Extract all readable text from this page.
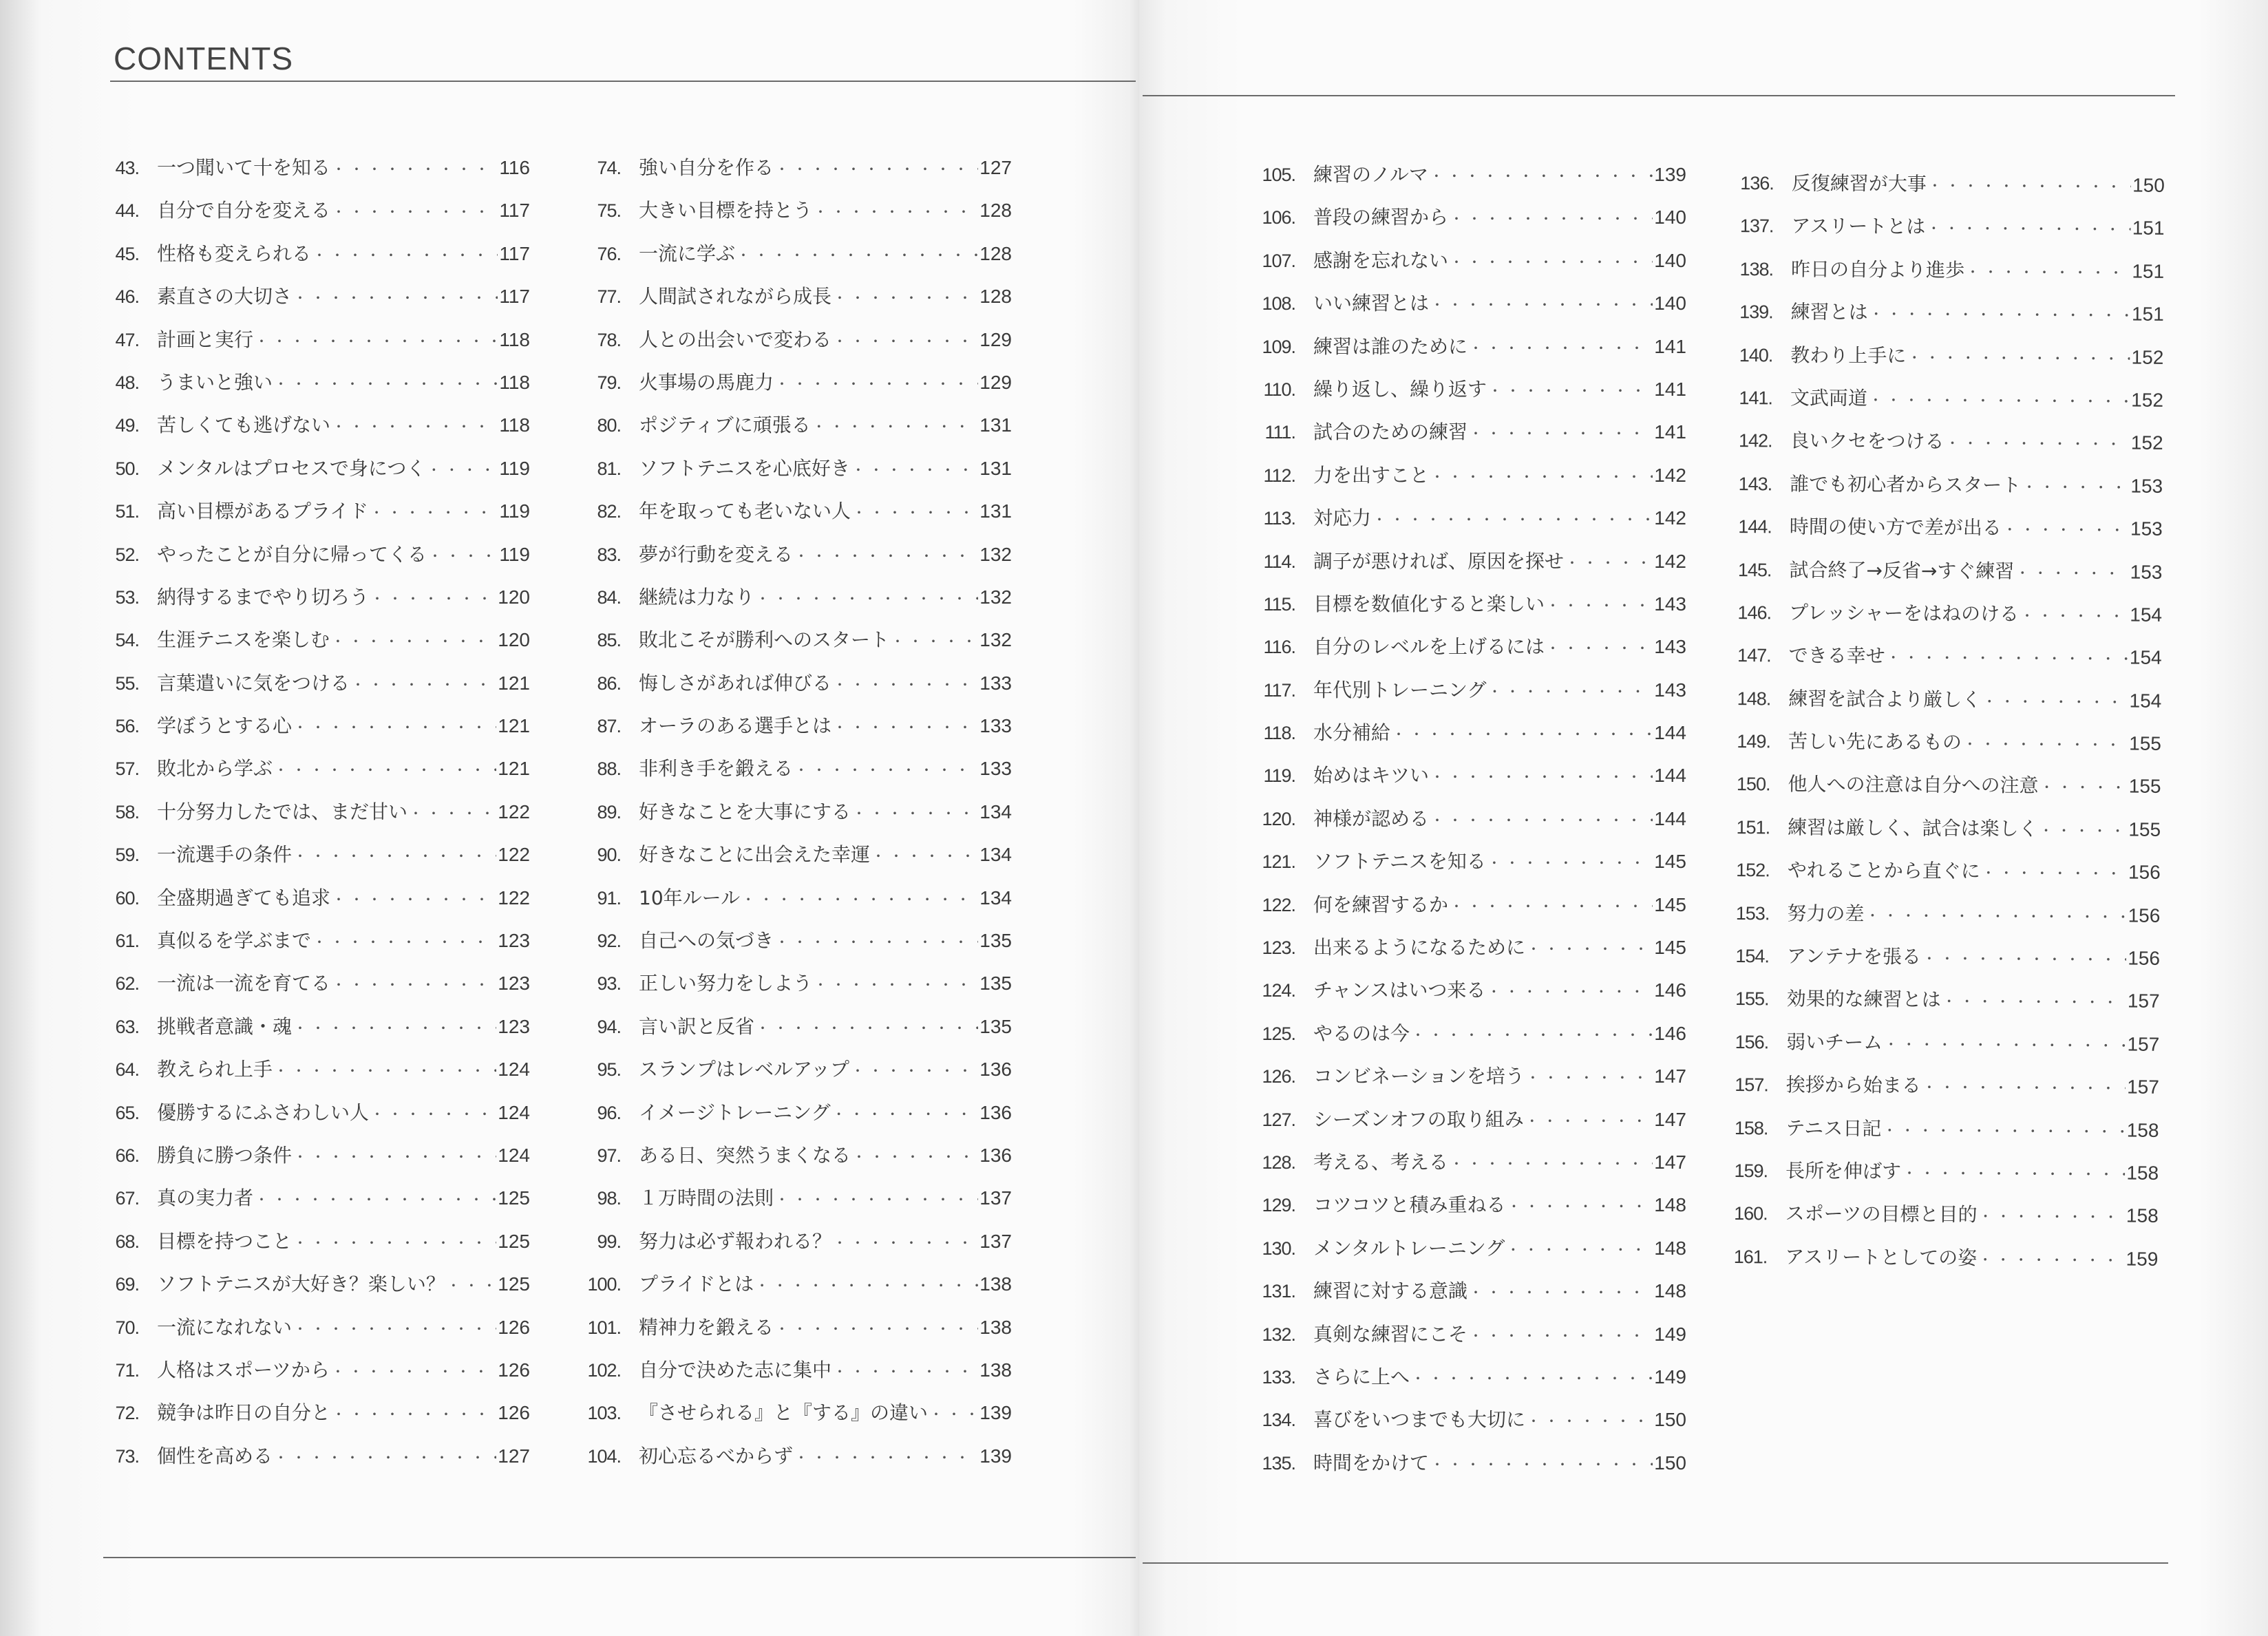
CONTENTS
43. 一つ聞いて十を知る ・・・・・・・・・・・・・・・・・・・・・・・・・・・・・・・・・・・・・・・・・・・・	116
44. 自分で自分を変える ・・・・・・・・・・・・・・・・・・・・・・・・・・・・・・・・・・・・・・・・・・・・	117
45. 性格も変えられる ・・・・・・・・・・・・・・・・・・・・・・・・・・・・・・・・・・・・・・・・・・・・	117
46. 素直さの大切さ ・・・・・・・・・・・・・・・・・・・・・・・・・・・・・・・・・・・・・・・・・・・・	117
47. 計画と実行 ・・・・・・・・・・・・・・・・・・・・・・・・・・・・・・・・・・・・・・・・・・・・	118
48. うまいと強い ・・・・・・・・・・・・・・・・・・・・・・・・・・・・・・・・・・・・・・・・・・・・	118
49. 苦しくても逃げない ・・・・・・・・・・・・・・・・・・・・・・・・・・・・・・・・・・・・・・・・・・・・	118
50. メンタルはプロセスで身につく ・・・・・・・・・・・・・・・・・・・・・・・・・・・・・・・・・・・・・・・・・・・・	119
51. 高い目標があるプライド ・・・・・・・・・・・・・・・・・・・・・・・・・・・・・・・・・・・・・・・・・・・・	119
52. やったことが自分に帰ってくる ・・・・・・・・・・・・・・・・・・・・・・・・・・・・・・・・・・・・・・・・・・・・	119
53. 納得するまでやり切ろう ・・・・・・・・・・・・・・・・・・・・・・・・・・・・・・・・・・・・・・・・・・・・	120
54. 生涯テニスを楽しむ ・・・・・・・・・・・・・・・・・・・・・・・・・・・・・・・・・・・・・・・・・・・・	120
55. 言葉遣いに気をつける ・・・・・・・・・・・・・・・・・・・・・・・・・・・・・・・・・・・・・・・・・・・・	121
56. 学ぼうとする心 ・・・・・・・・・・・・・・・・・・・・・・・・・・・・・・・・・・・・・・・・・・・・	121
57. 敗北から学ぶ ・・・・・・・・・・・・・・・・・・・・・・・・・・・・・・・・・・・・・・・・・・・・	121
58. 十分努力したでは、まだ甘い ・・・・・・・・・・・・・・・・・・・・・・・・・・・・・・・・・・・・・・・・・・・・	122
59. 一流選手の条件 ・・・・・・・・・・・・・・・・・・・・・・・・・・・・・・・・・・・・・・・・・・・・	122
60. 全盛期過ぎても追求 ・・・・・・・・・・・・・・・・・・・・・・・・・・・・・・・・・・・・・・・・・・・・	122
61. 真似るを学ぶまで ・・・・・・・・・・・・・・・・・・・・・・・・・・・・・・・・・・・・・・・・・・・・	123
62. 一流は一流を育てる ・・・・・・・・・・・・・・・・・・・・・・・・・・・・・・・・・・・・・・・・・・・・	123
63. 挑戦者意識・魂 ・・・・・・・・・・・・・・・・・・・・・・・・・・・・・・・・・・・・・・・・・・・・	123
64. 教えられ上手 ・・・・・・・・・・・・・・・・・・・・・・・・・・・・・・・・・・・・・・・・・・・・	124
65. 優勝するにふさわしい人 ・・・・・・・・・・・・・・・・・・・・・・・・・・・・・・・・・・・・・・・・・・・・	124
66. 勝負に勝つ条件 ・・・・・・・・・・・・・・・・・・・・・・・・・・・・・・・・・・・・・・・・・・・・	124
67. 真の実力者 ・・・・・・・・・・・・・・・・・・・・・・・・・・・・・・・・・・・・・・・・・・・・	125
68. 目標を持つこと ・・・・・・・・・・・・・・・・・・・・・・・・・・・・・・・・・・・・・・・・・・・・	125
69. ソフトテニスが大好き？楽しい？ ・・・・・・・・・・・・・・・・・・・・・・・・・・・・・・・・・・・・・・・・・・・・	125
70. 一流になれない ・・・・・・・・・・・・・・・・・・・・・・・・・・・・・・・・・・・・・・・・・・・・	126
71. 人格はスポーツから ・・・・・・・・・・・・・・・・・・・・・・・・・・・・・・・・・・・・・・・・・・・・	126
72. 競争は昨日の自分と ・・・・・・・・・・・・・・・・・・・・・・・・・・・・・・・・・・・・・・・・・・・・	126
73. 個性を高める ・・・・・・・・・・・・・・・・・・・・・・・・・・・・・・・・・・・・・・・・・・・・	127
74. 強い自分を作る ・・・・・・・・・・・・・・・・・・・・・・・・・・・・・・・・・・・・・・・・・・・・	127
75. 大きい目標を持とう ・・・・・・・・・・・・・・・・・・・・・・・・・・・・・・・・・・・・・・・・・・・・	128
76. 一流に学ぶ ・・・・・・・・・・・・・・・・・・・・・・・・・・・・・・・・・・・・・・・・・・・・	128
77. 人間試されながら成長 ・・・・・・・・・・・・・・・・・・・・・・・・・・・・・・・・・・・・・・・・・・・・	128
78. 人との出会いで変わる ・・・・・・・・・・・・・・・・・・・・・・・・・・・・・・・・・・・・・・・・・・・・	129
79. 火事場の馬鹿力 ・・・・・・・・・・・・・・・・・・・・・・・・・・・・・・・・・・・・・・・・・・・・	129
80. ポジティブに頑張る ・・・・・・・・・・・・・・・・・・・・・・・・・・・・・・・・・・・・・・・・・・・・	131
81. ソフトテニスを心底好き ・・・・・・・・・・・・・・・・・・・・・・・・・・・・・・・・・・・・・・・・・・・・	131
82. 年を取っても老いない人 ・・・・・・・・・・・・・・・・・・・・・・・・・・・・・・・・・・・・・・・・・・・・	131
83. 夢が行動を変える ・・・・・・・・・・・・・・・・・・・・・・・・・・・・・・・・・・・・・・・・・・・・	132
84. 継続は力なり ・・・・・・・・・・・・・・・・・・・・・・・・・・・・・・・・・・・・・・・・・・・・	132
85. 敗北こそが勝利へのスタート ・・・・・・・・・・・・・・・・・・・・・・・・・・・・・・・・・・・・・・・・・・・・	132
86. 悔しさがあれば伸びる ・・・・・・・・・・・・・・・・・・・・・・・・・・・・・・・・・・・・・・・・・・・・	133
87. オーラのある選手とは ・・・・・・・・・・・・・・・・・・・・・・・・・・・・・・・・・・・・・・・・・・・・	133
88. 非利き手を鍛える ・・・・・・・・・・・・・・・・・・・・・・・・・・・・・・・・・・・・・・・・・・・・	133
89. 好きなことを大事にする ・・・・・・・・・・・・・・・・・・・・・・・・・・・・・・・・・・・・・・・・・・・・	134
90. 好きなことに出会えた幸運 ・・・・・・・・・・・・・・・・・・・・・・・・・・・・・・・・・・・・・・・・・・・・	134
91. 10年ルール ・・・・・・・・・・・・・・・・・・・・・・・・・・・・・・・・・・・・・・・・・・・・	134
92. 自己への気づき ・・・・・・・・・・・・・・・・・・・・・・・・・・・・・・・・・・・・・・・・・・・・	135
93. 正しい努力をしよう ・・・・・・・・・・・・・・・・・・・・・・・・・・・・・・・・・・・・・・・・・・・・	135
94. 言い訳と反省 ・・・・・・・・・・・・・・・・・・・・・・・・・・・・・・・・・・・・・・・・・・・・	135
95. スランプはレベルアップ ・・・・・・・・・・・・・・・・・・・・・・・・・・・・・・・・・・・・・・・・・・・・	136
96. イメージトレーニング ・・・・・・・・・・・・・・・・・・・・・・・・・・・・・・・・・・・・・・・・・・・・	136
97. ある日、突然うまくなる ・・・・・・・・・・・・・・・・・・・・・・・・・・・・・・・・・・・・・・・・・・・・	136
98. １万時間の法則 ・・・・・・・・・・・・・・・・・・・・・・・・・・・・・・・・・・・・・・・・・・・・	137
99. 努力は必ず報われる？ ・・・・・・・・・・・・・・・・・・・・・・・・・・・・・・・・・・・・・・・・・・・・	137
100. プライドとは ・・・・・・・・・・・・・・・・・・・・・・・・・・・・・・・・・・・・・・・・・・・・	138
101. 精神力を鍛える ・・・・・・・・・・・・・・・・・・・・・・・・・・・・・・・・・・・・・・・・・・・・	138
102. 自分で決めた志に集中 ・・・・・・・・・・・・・・・・・・・・・・・・・・・・・・・・・・・・・・・・・・・・	138
103. 『させられる』と『する』の違い ・・・・・・・・・・・・・・・・・・・・・・・・・・・・・・・・・・・・・・・・・・・・	139
104. 初心忘るべからず ・・・・・・・・・・・・・・・・・・・・・・・・・・・・・・・・・・・・・・・・・・・・	139
105. 練習のノルマ ・・・・・・・・・・・・・・・・・・・・・・・・・・・・・・・・・・・・・・・・・・・・	139
106. 普段の練習から ・・・・・・・・・・・・・・・・・・・・・・・・・・・・・・・・・・・・・・・・・・・・	140
107. 感謝を忘れない ・・・・・・・・・・・・・・・・・・・・・・・・・・・・・・・・・・・・・・・・・・・・	140
108. いい練習とは ・・・・・・・・・・・・・・・・・・・・・・・・・・・・・・・・・・・・・・・・・・・・	140
109. 練習は誰のために ・・・・・・・・・・・・・・・・・・・・・・・・・・・・・・・・・・・・・・・・・・・・	141
110. 繰り返し、繰り返す ・・・・・・・・・・・・・・・・・・・・・・・・・・・・・・・・・・・・・・・・・・・・	141
111. 試合のための練習 ・・・・・・・・・・・・・・・・・・・・・・・・・・・・・・・・・・・・・・・・・・・・	141
112. 力を出すこと ・・・・・・・・・・・・・・・・・・・・・・・・・・・・・・・・・・・・・・・・・・・・	142
113. 対応力 ・・・・・・・・・・・・・・・・・・・・・・・・・・・・・・・・・・・・・・・・・・・・	142
114. 調子が悪ければ、原因を探せ ・・・・・・・・・・・・・・・・・・・・・・・・・・・・・・・・・・・・・・・・・・・・	142
115. 目標を数値化すると楽しい ・・・・・・・・・・・・・・・・・・・・・・・・・・・・・・・・・・・・・・・・・・・・	143
116. 自分のレベルを上げるには ・・・・・・・・・・・・・・・・・・・・・・・・・・・・・・・・・・・・・・・・・・・・	143
117. 年代別トレーニング ・・・・・・・・・・・・・・・・・・・・・・・・・・・・・・・・・・・・・・・・・・・・	143
118. 水分補給 ・・・・・・・・・・・・・・・・・・・・・・・・・・・・・・・・・・・・・・・・・・・・	144
119. 始めはキツい ・・・・・・・・・・・・・・・・・・・・・・・・・・・・・・・・・・・・・・・・・・・・	144
120. 神様が認める ・・・・・・・・・・・・・・・・・・・・・・・・・・・・・・・・・・・・・・・・・・・・	144
121. ソフトテニスを知る ・・・・・・・・・・・・・・・・・・・・・・・・・・・・・・・・・・・・・・・・・・・・	145
122. 何を練習するか ・・・・・・・・・・・・・・・・・・・・・・・・・・・・・・・・・・・・・・・・・・・・	145
123. 出来るようになるために ・・・・・・・・・・・・・・・・・・・・・・・・・・・・・・・・・・・・・・・・・・・・	145
124. チャンスはいつ来る ・・・・・・・・・・・・・・・・・・・・・・・・・・・・・・・・・・・・・・・・・・・・	146
125. やるのは今 ・・・・・・・・・・・・・・・・・・・・・・・・・・・・・・・・・・・・・・・・・・・・	146
126. コンビネーションを培う ・・・・・・・・・・・・・・・・・・・・・・・・・・・・・・・・・・・・・・・・・・・・	147
127. シーズンオフの取り組み ・・・・・・・・・・・・・・・・・・・・・・・・・・・・・・・・・・・・・・・・・・・・	147
128. 考える、考える ・・・・・・・・・・・・・・・・・・・・・・・・・・・・・・・・・・・・・・・・・・・・	147
129. コツコツと積み重ねる ・・・・・・・・・・・・・・・・・・・・・・・・・・・・・・・・・・・・・・・・・・・・	148
130. メンタルトレーニング ・・・・・・・・・・・・・・・・・・・・・・・・・・・・・・・・・・・・・・・・・・・・	148
131. 練習に対する意識 ・・・・・・・・・・・・・・・・・・・・・・・・・・・・・・・・・・・・・・・・・・・・	148
132. 真剣な練習にこそ ・・・・・・・・・・・・・・・・・・・・・・・・・・・・・・・・・・・・・・・・・・・・	149
133. さらに上へ ・・・・・・・・・・・・・・・・・・・・・・・・・・・・・・・・・・・・・・・・・・・・	149
134. 喜びをいつまでも大切に ・・・・・・・・・・・・・・・・・・・・・・・・・・・・・・・・・・・・・・・・・・・・	150
135. 時間をかけて ・・・・・・・・・・・・・・・・・・・・・・・・・・・・・・・・・・・・・・・・・・・・	150
136. 反復練習が大事 ・・・・・・・・・・・・・・・・・・・・・・・・・・・・・・・・・・・・・・・・・・・・	150
137. アスリートとは ・・・・・・・・・・・・・・・・・・・・・・・・・・・・・・・・・・・・・・・・・・・・	151
138. 昨日の自分より進歩 ・・・・・・・・・・・・・・・・・・・・・・・・・・・・・・・・・・・・・・・・・・・・	151
139. 練習とは ・・・・・・・・・・・・・・・・・・・・・・・・・・・・・・・・・・・・・・・・・・・・	151
140. 教わり上手に ・・・・・・・・・・・・・・・・・・・・・・・・・・・・・・・・・・・・・・・・・・・・	152
141. 文武両道 ・・・・・・・・・・・・・・・・・・・・・・・・・・・・・・・・・・・・・・・・・・・・	152
142. 良いクセをつける ・・・・・・・・・・・・・・・・・・・・・・・・・・・・・・・・・・・・・・・・・・・・	152
143. 誰でも初心者からスタート ・・・・・・・・・・・・・・・・・・・・・・・・・・・・・・・・・・・・・・・・・・・・	153
144. 時間の使い方で差が出る ・・・・・・・・・・・・・・・・・・・・・・・・・・・・・・・・・・・・・・・・・・・・	153
145. 試合終了→反省→すぐ練習 ・・・・・・・・・・・・・・・・・・・・・・・・・・・・・・・・・・・・・・・・・・・・	153
146. プレッシャーをはねのける ・・・・・・・・・・・・・・・・・・・・・・・・・・・・・・・・・・・・・・・・・・・・	154
147. できる幸せ ・・・・・・・・・・・・・・・・・・・・・・・・・・・・・・・・・・・・・・・・・・・・	154
148. 練習を試合より厳しく ・・・・・・・・・・・・・・・・・・・・・・・・・・・・・・・・・・・・・・・・・・・・	154
149. 苦しい先にあるもの ・・・・・・・・・・・・・・・・・・・・・・・・・・・・・・・・・・・・・・・・・・・・	155
150. 他人への注意は自分への注意 ・・・・・・・・・・・・・・・・・・・・・・・・・・・・・・・・・・・・・・・・・・・・	155
151. 練習は厳しく、試合は楽しく ・・・・・・・・・・・・・・・・・・・・・・・・・・・・・・・・・・・・・・・・・・・・	155
152. やれることから直ぐに ・・・・・・・・・・・・・・・・・・・・・・・・・・・・・・・・・・・・・・・・・・・・	156
153. 努力の差 ・・・・・・・・・・・・・・・・・・・・・・・・・・・・・・・・・・・・・・・・・・・・	156
154. アンテナを張る ・・・・・・・・・・・・・・・・・・・・・・・・・・・・・・・・・・・・・・・・・・・・	156
155. 効果的な練習とは ・・・・・・・・・・・・・・・・・・・・・・・・・・・・・・・・・・・・・・・・・・・・	157
156. 弱いチーム ・・・・・・・・・・・・・・・・・・・・・・・・・・・・・・・・・・・・・・・・・・・・	157
157. 挨拶から始まる ・・・・・・・・・・・・・・・・・・・・・・・・・・・・・・・・・・・・・・・・・・・・	157
158. テニス日記 ・・・・・・・・・・・・・・・・・・・・・・・・・・・・・・・・・・・・・・・・・・・・	158
159. 長所を伸ばす ・・・・・・・・・・・・・・・・・・・・・・・・・・・・・・・・・・・・・・・・・・・・	158
160. スポーツの目標と目的 ・・・・・・・・・・・・・・・・・・・・・・・・・・・・・・・・・・・・・・・・・・・・	158
161. アスリートとしての姿 ・・・・・・・・・・・・・・・・・・・・・・・・・・・・・・・・・・・・・・・・・・・・	159
